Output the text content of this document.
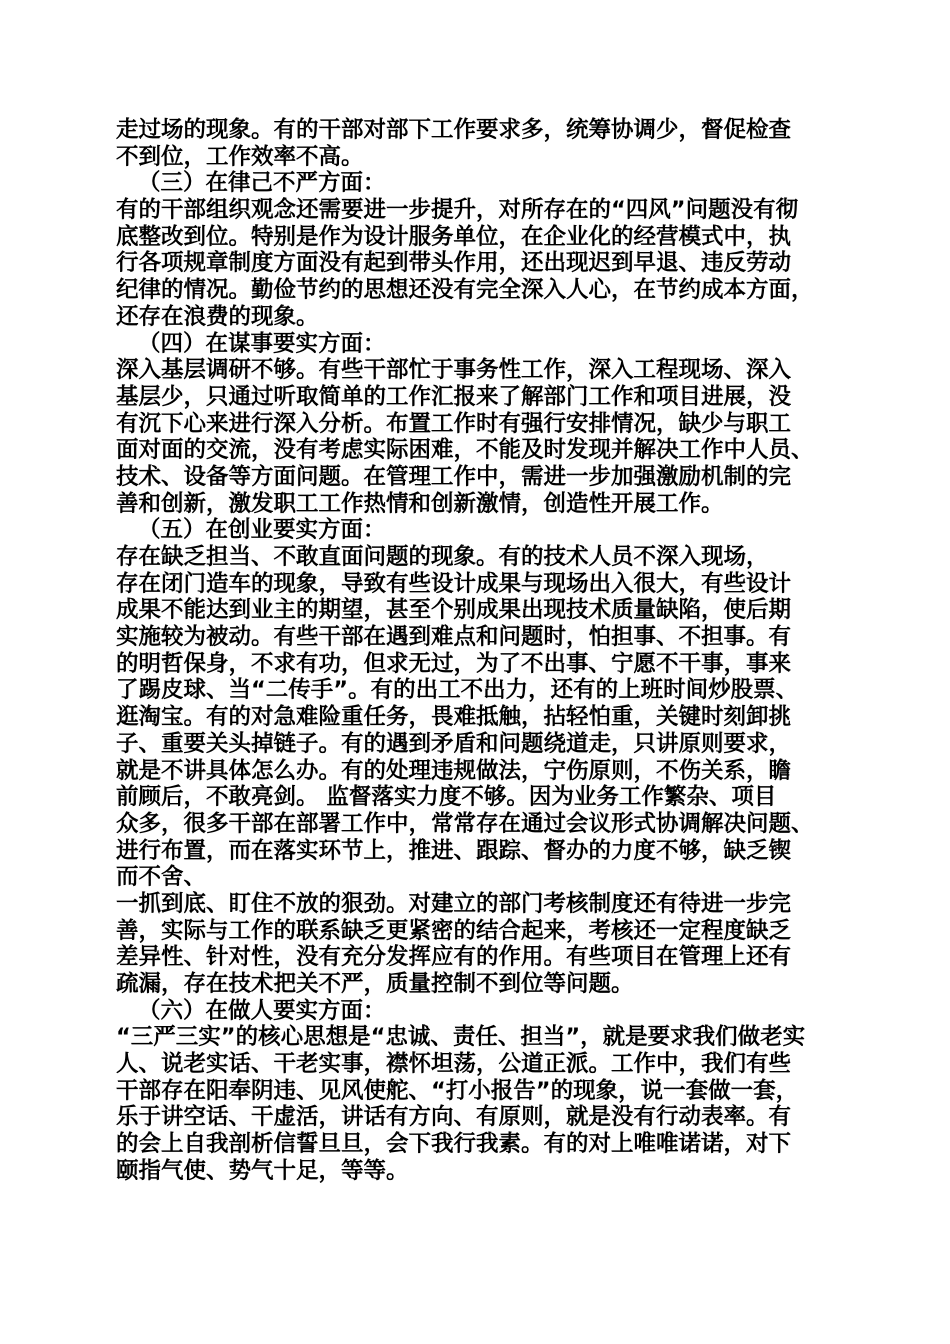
走过场的现象。有的干部对部下工作要求多，统筹协调少，督促检查
不到位，工作效率不高。
（三）在律己不严方面：
有的干部组织观念还需要进一步提升，对所存在的“四风”问题没有彻
底整改到位。特别是作为设计服务单位，在企业化的经营模式中，执
行各项规章制度方面没有起到带头作用，还出现迟到早退、违反劳动
纪律的情况。勤俭节约的思想还没有完全深入人心，在节约成本方面，
还存在浪费的现象。
（四）在谋事要实方面：
深入基层调研不够。有些干部忙于事务性工作，深入工程现场、深入
基层少，只通过听取简单的工作汇报来了解部门工作和项目进展，没
有沉下心来进行深入分析。布置工作时有强行安排情况，缺少与职工
面对面的交流，没有考虑实际困难，不能及时发现并解决工作中人员、
技术、设备等方面问题。在管理工作中，需进一步加强激励机制的完
善和创新，激发职工工作热情和创新激情，创造性开展工作。
（五）在创业要实方面：
存在缺乏担当、不敢直面问题的现象。有的技术人员不深入现场，
存在闭门造车的现象，导致有些设计成果与现场出入很大，有些设计
成果不能达到业主的期望，甚至个别成果出现技术质量缺陷，使后期
实施较为被动。有些干部在遇到难点和问题时，怕担事、不担事。有
的明哲保身，不求有功，但求无过，为了不出事、宁愿不干事，事来
了踢皮球、当“二传手”。有的出工不出力，还有的上班时间炒股票、
逛淘宝。有的对急难险重任务，畏难抵触，拈轻怕重，关键时刻卸挑
子、重要关头掉链子。有的遇到矛盾和问题绕道走，只讲原则要求，
就是不讲具体怎么办。有的处理违规做法，宁伤原则，不伤关系，瞻
前顾后，不敢亮剑。 监督落实力度不够。因为业务工作繁杂、项目
众多，很多干部在部署工作中，常常存在通过会议形式协调解决问题、
进行布置，而在落实环节上，推进、跟踪、督办的力度不够，缺乏锲
而不舍、
一抓到底、盯住不放的狠劲。对建立的部门考核制度还有待进一步完
善，实际与工作的联系缺乏更紧密的结合起来，考核还一定程度缺乏
差异性、针对性，没有充分发挥应有的作用。有些项目在管理上还有
疏漏，存在技术把关不严，质量控制不到位等问题。
（六）在做人要实方面：
“三严三实”的核心思想是“忠诚、责任、担当”，就是要求我们做老实
人、说老实话、干老实事，襟怀坦荡，公道正派。工作中，我们有些
干部存在阳奉阴违、见风使舵、“打小报告”的现象，说一套做一套，
乐于讲空话、干虚活，讲话有方向、有原则，就是没有行动表率。有
的会上自我剖析信誓旦旦，会下我行我素。有的对上唯唯诺诺，对下
颐指气使、势气十足，等等。
